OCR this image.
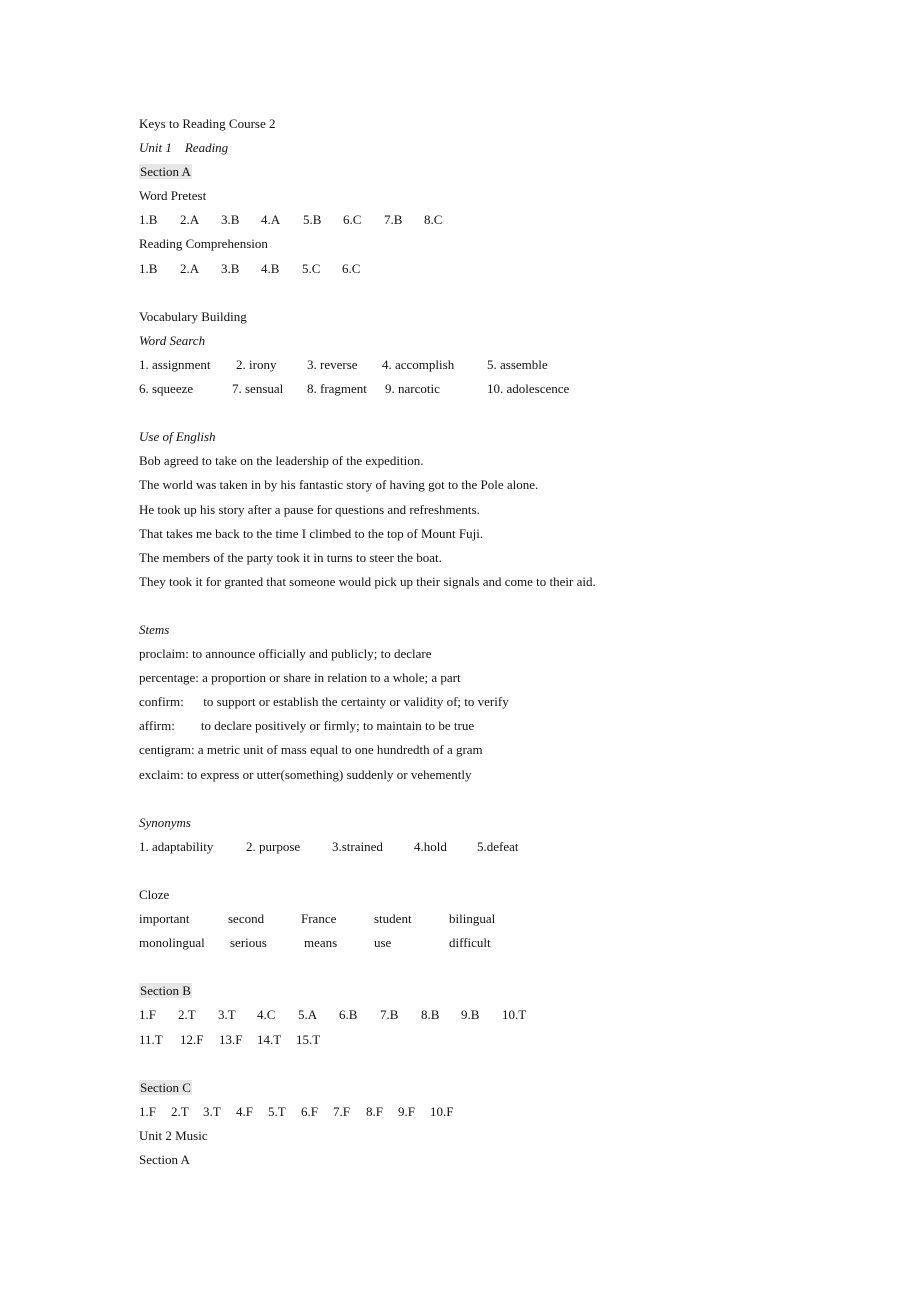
Keys to Reading Course 2
Unit 1    Reading
Section A
Word Pretest
1.B 2.A 3.B 4.A 5.B 6.C 7.B 8.C
Reading Comprehension
1.B 2.A 3.B 4.B 5.C 6.C
Vocabulary Building
Word Search
1. assignment 2. irony 3. reverse 4. accomplish	5. assemble
6. squeeze	7. sensual 8. fragment 9. narcotic	10. adolescence
Use of English
Bob agreed to take on the leadership of the expedition.
The world was taken in by his fantastic story of having got to the Pole alone.
He took up his story after a pause for questions and refreshments.
That takes me back to the time I climbed to the top of Mount Fuji.
The members of the party took it in turns to steer the boat.
They took it for granted that someone would pick up their signals and come to their aid.
Stems
proclaim: to announce officially and publicly; to declare
percentage: a proportion or share in relation to a whole; a part
confirm:      to support or establish the certainty or validity of; to verify
affirm:        to declare positively or firmly; to maintain to be true
centigram: a metric unit of mass equal to one hundredth of a gram
exclaim: to express or utter(something) suddenly or vehemently
Synonyms
1. adaptability	2. purpose 3.strained 4.hold 5.defeat
Cloze
important	second	France	student	bilingual
monolingual serious	means	use	difficult
Section B
1.F 2.T 3.T 4.C 5.A 6.B 7.B 8.B 9.B 10.T
11.T 12.F 13.F 14.T 15.T
Section C
1.F 2.T 3.T 4.F 5.T 6.F 7.F 8.F 9.F 10.F
Unit 2 Music
Section A
